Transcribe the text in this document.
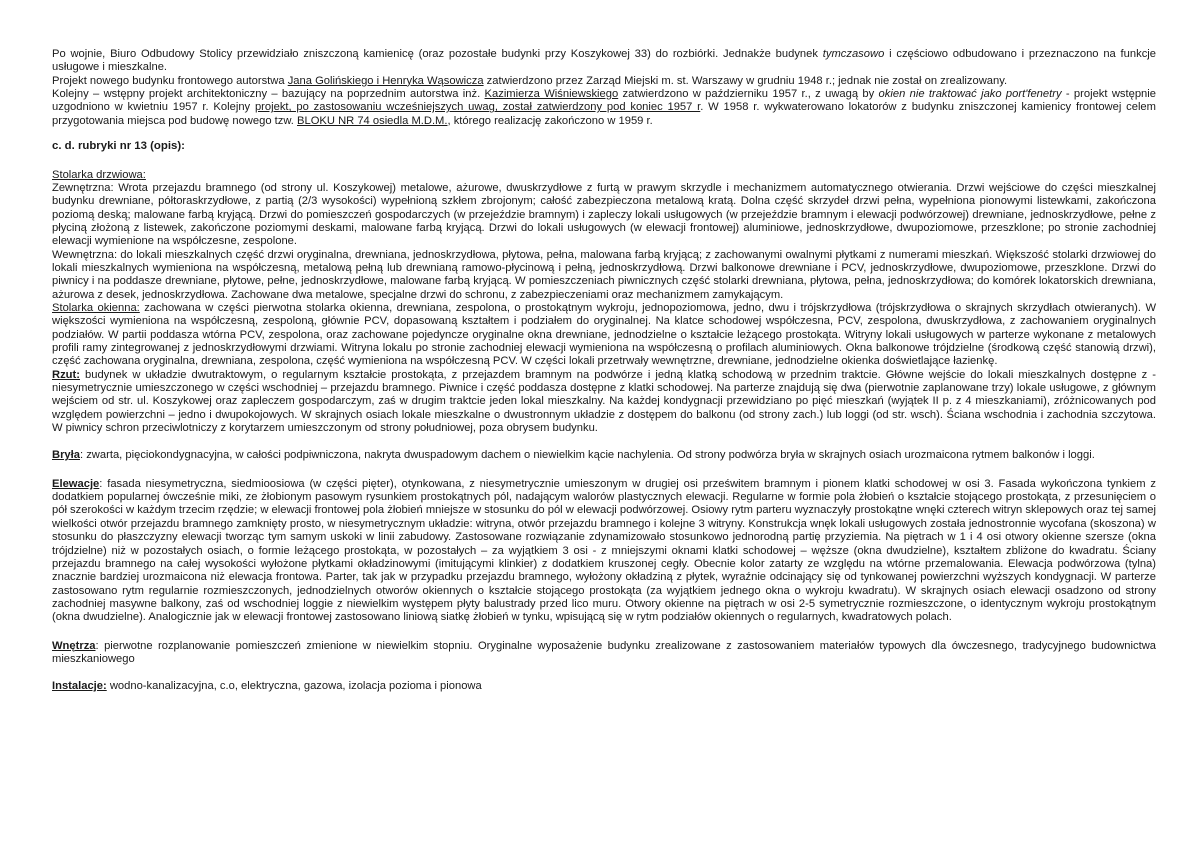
Po wojnie, Biuro Odbudowy Stolicy przewidziało zniszczoną kamienicę (oraz pozostałe budynki przy Koszykowej 33) do rozbiórki. Jednakże budynek tymczasowo i częściowo odbudowano i przeznaczono na funkcje usługowe i mieszkalne.

Projekt nowego budynku frontowego autorstwa Jana Golińskiego i Henryka Wąsowicza zatwierdzono przez Zarząd Miejski m. st. Warszawy w grudniu 1948 r.; jednak nie został on zrealizowany.

Kolejny – wstępny projekt architektoniczny – bazujący na poprzednim autorstwa inż. Kazimierza Wiśniewskiego zatwierdzono w październiku 1957 r., z uwagą by okien nie traktować jako port'fenetry - projekt wstępnie uzgodniono w kwietniu 1957 r. Kolejny projekt, po zastosowaniu wcześniejszych uwag, został zatwierdzony pod koniec 1957 r. W 1958 r. wykwaterowano lokatorów z budynku zniszczonej kamienicy frontowej celem przygotowania miejsca pod budowę nowego tzw. BLOKU NR 74 osiedla M.D.M., którego realizację zakończono w 1959 r.

c. d. rubryki nr 13 (opis):

Stolarka drzwiowa:

Zewnętrzna: Wrota przejazdu bramnego (od strony ul. Koszykowej) metalowe, ażurowe, dwuskrzydłowe z furtą w prawym skrzydle i mechanizmem automatycznego otwierania. Drzwi wejściowe do części mieszkalnej budynku drewniane, półtoraskrzydłowe, z partią (2/3 wysokości) wypełnioną szkłem zbrojonym; całość zabezpieczona metalową kratą. Dolna część skrzydeł drzwi pełna, wypełniona pionowymi listewkami, zakończona poziomą deską; malowane farbą kryjącą. Drzwi do pomieszczeń gospodarczych (w przejeździe bramnym) i zapleczy lokali usługowych (w przejeździe bramnym i elewacji podwórzowej) drewniane, jednoskrzydłowe, pełne z płyciną złożoną z listewek, zakończone poziomymi deskami, malowane farbą kryjącą. Drzwi do lokali usługowych (w elewacji frontowej) aluminiowe, jednoskrzydłowe, dwupoziomowe, przeszklone; po stronie zachodniej elewacji wymienione na współczesne, zespolone.

Wewnętrzna: do lokali mieszkalnych część drzwi oryginalna, drewniana, jednoskrzydłowa, płytowa, pełna, malowana farbą kryjącą; z zachowanymi owalnymi płytkami z numerami mieszkań. Większość stolarki drzwiowej do lokali mieszkalnych wymieniona na współczesną, metalową pełną lub drewnianą ramowo-płycinową i pełną, jednoskrzydłową. Drzwi balkonowe drewniane i PCV, jednoskrzydłowe, dwupoziomowe, przeszklone. Drzwi do piwnicy i na poddasze drewniane, płytowe, pełne, jednoskrzydłowe, malowane farbą kryjącą. W pomieszczeniach piwnicznych część stolarki drewniana, płytowa, pełna, jednoskrzydłowa; do komórek lokatorskich drewniana, ażurowa z desek, jednoskrzydłowa. Zachowane dwa metalowe, specjalne drzwi do schronu, z zabezpieczeniami oraz mechanizmem zamykającym.

Stolarka okienna: zachowana w części pierwotna stolarka okienna, drewniana, zespolona, o prostokątnym wykroju, jednopoziomowa, jedno, dwu i trójskrzydłowa (trójskrzydłowa o skrajnych skrzydłach otwieranych). W większości wymieniona na współczesną, zespoloną, głównie PCV, dopasowaną kształtem i podziałem do oryginalnej. Na klatce schodowej współczesna, PCV, zespolona, dwuskrzydłowa, z zachowaniem oryginalnych podziałów. W partii poddasza wtórna PCV, zespolona, oraz zachowane pojedyncze oryginalne okna drewniane, jednodzielne o kształcie leżącego prostokąta. Witryny lokali usługowych w parterze wykonane z metalowych profili ramy zintegrowanej z jednoskrzydłowymi drzwiami. Witryna lokalu po stronie zachodniej elewacji wymieniona na współczesną o profilach aluminiowych. Okna balkonowe trójdzielne (środkową część stanowią drzwi), część zachowana oryginalna, drewniana, zespolona, część wymieniona na współczesną PCV. W części lokali przetrwały wewnętrzne, drewniane, jednodzielne okienka doświetlające łazienkę.

Rzut: budynek w układzie dwutraktowym, o regularnym kształcie prostokąta, z przejazdem bramnym na podwórze i jedną klatką schodową w przednim traktcie. Główne wejście do lokali mieszkalnych dostępne z - niesymetrycznie umieszczonego w części wschodniej – przejazdu bramnego. Piwnice i część poddasza dostępne z klatki schodowej. Na parterze znajdują się dwa (pierwotnie zaplanowane trzy) lokale usługowe, z głównym wejściem od str. ul. Koszykowej oraz zapleczem gospodarczym, zaś w drugim traktcie jeden lokal mieszkalny. Na każdej kondygnacji przewidziano po pięć mieszkań (wyjątek II p. z 4 mieszkaniami), zróżnicowanych pod względem powierzchni – jedno i dwupokojowych. W skrajnych osiach lokale mieszkalne o dwustronnym układzie z dostępem do balkonu (od strony zach.) lub loggi (od str. wsch). Ściana wschodnia i zachodnia szczytowa. W piwnicy schron przeciwlotniczy z korytarzem umieszczonym od strony południowej, poza obrysem budynku.

Bryła: zwarta, pięciokondygnacyjna, w całości podpiwniczona, nakryta dwuspadowym dachem o niewielkim kącie nachylenia. Od strony podwórza bryła w skrajnych osiach urozmaicona rytmem balkonów i loggi.

Elewacje: fasada niesymetryczna, siedmioosiowa (w części pięter), otynkowana, z niesymetrycznie umieszonym w drugiej osi prześwitem bramnym i pionem klatki schodowej w osi 3. Fasada wykończona tynkiem z dodatkiem popularnej ówcześnie miki, ze żłobionym pasowym rysunkiem prostokątnych pól, nadającym walorów plastycznych elewacji. Regularne w formie pola żłobień o kształcie stojącego prostokąta, z przesunięciem o pół szerokości w każdym trzecim rzędzie; w elewacji frontowej pola żłobień mniejsze w stosunku do pól w elewacji podwórzowej. Osiowy rytm parteru wyznaczyły prostokątne wnęki czterech witryn sklepowych oraz tej samej wielkości otwór przejazdu bramnego zamknięty prosto, w niesymetrycznym układzie: witryna, otwór przejazdu bramnego i kolejne 3 witryny. Konstrukcja wnęk lokali usługowych została jednostronnie wycofana (skoszona) w stosunku do płaszczyzny elewacji tworząc tym samym uskoki w linii zabudowy. Zastosowane rozwiązanie zdynamizowało stosunkowo jednorodną partię przyziemia. Na piętrach w 1 i 4 osi otwory okienne szersze (okna trójdzielne) niż w pozostałych osiach, o formie leżącego prostokąta, w pozostałych – za wyjątkiem 3 osi - z mniejszymi oknami klatki schodowej – węższe (okna dwudzielne), kształtem zbliżone do kwadratu. Ściany przejazdu bramnego na całej wysokości wyłożone płytkami okładzinowymi (imitującymi klinkier) z dodatkiem kruszonej cegły. Obecnie kolor zatarty ze względu na wtórne przemalowania. Elewacja podwórzowa (tylna) znacznie bardziej urozmaicona niż elewacja frontowa. Parter, tak jak w przypadku przejazdu bramnego, wyłożony okładziną z płytek, wyraźnie odcinający się od tynkowanej powierzchni wyższych kondygnacji. W parterze zastosowano rytm regularnie rozmieszczonych, jednodzielnych otworów okiennych o kształcie stojącego prostokąta (za wyjątkiem jednego okna o wykroju kwadratu). W skrajnych osiach elewacji osadzono od strony zachodniej masywne balkony, zaś od wschodniej loggie z niewielkim występem płyty balustrady przed lico muru. Otwory okienne na piętrach w osi 2-5 symetrycznie rozmieszczone, o identycznym wykroju prostokątnym (okna dwudzielne). Analogicznie jak w elewacji frontowej zastosowano liniową siatkę żłobień w tynku, wpisującą się w rytm podziałów okiennych o regularnych, kwadratowych polach.

Wnętrza: pierwotne rozplanowanie pomieszczeń zmienione w niewielkim stopniu. Oryginalne wyposażenie budynku zrealizowane z zastosowaniem materiałów typowych dla ówczesnego, tradycyjnego budownictwa mieszkaniowego

Instalacje: wodno-kanalizacyjna, c.o, elektryczna, gazowa, izolacja pozioma i pionowa
